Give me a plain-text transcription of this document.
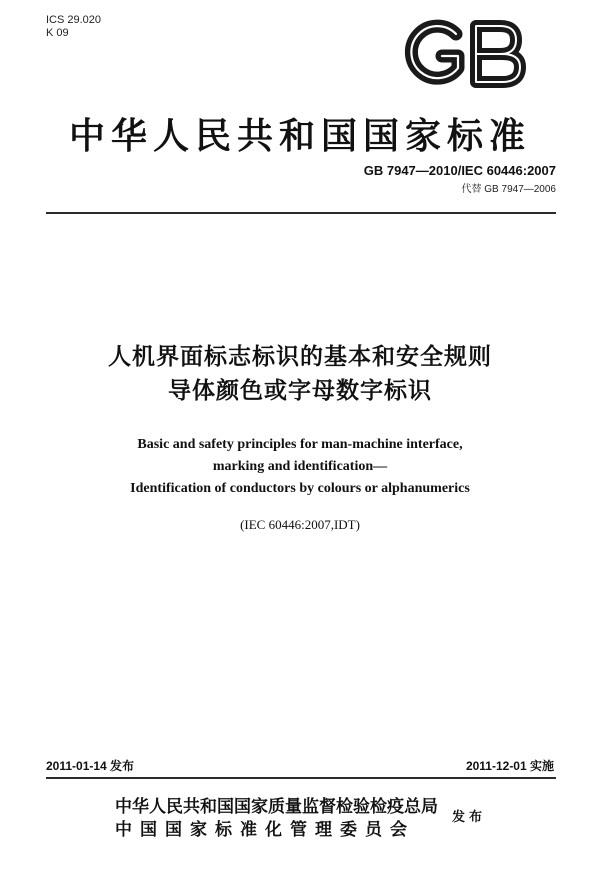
ICS 29.020
K 09
中华人民共和国国家标准
GB 7947—2010/IEC 60446:2007
代替 GB 7947—2006
人机界面标志标识的基本和安全规则
导体颜色或字母数字标识
Basic and safety principles for man-machine interface,
marking and identification—
Identification of conductors by colours or alphanumerics
(IEC 60446:2007,IDT)
2011-01-14 发布	2011-12-01 实施
中华人民共和国国家质量监督检验检疫总局
中国国家标准化管理委员会
发布
